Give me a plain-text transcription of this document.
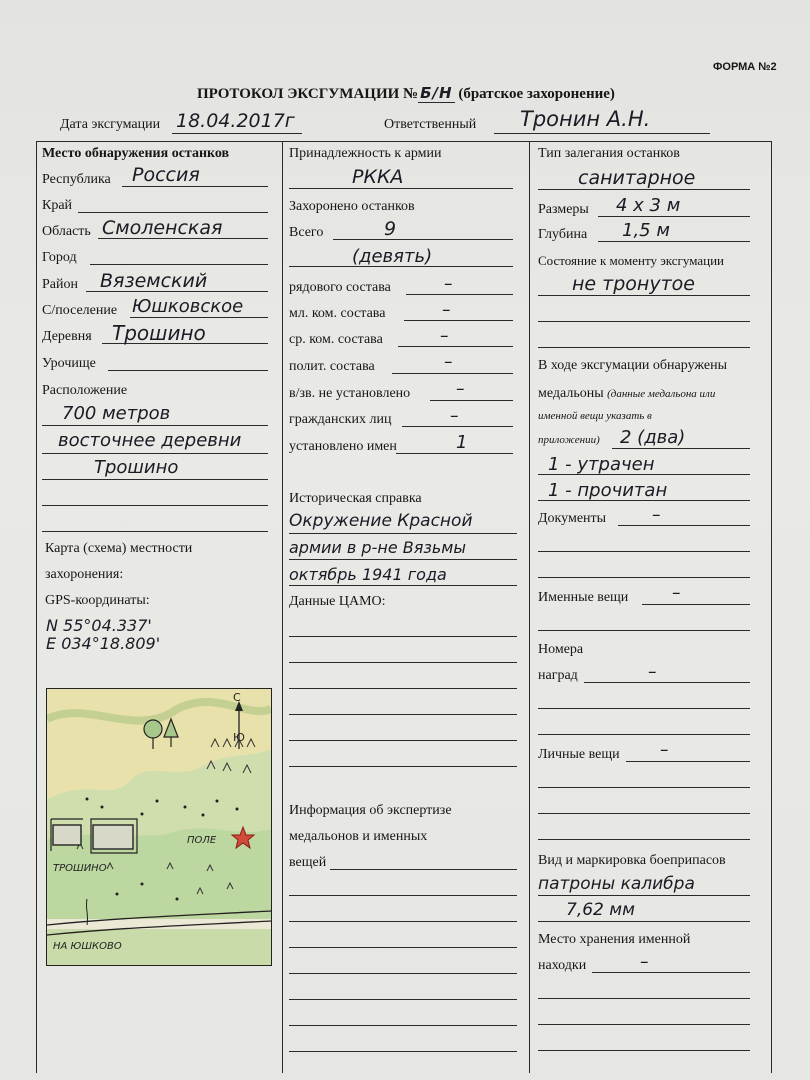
ФОРМА №2
ПРОТОКОЛ ЭКСГУМАЦИИ № Б/Н (братское захоронение)
Дата эксгумации 18.04.2017г	Ответственный Тронин А.Н.
Место обнаружения останков
Республика Россия
Край
Область Смоленская
Город
Район Вяземский
С/поселение Юшковское
Деревня Трошино
Урочище
Расположение
700 метров
восточнее деревни
Трошино
Карта (схема) местности
захоронения:
GPS-координаты:
N 55°04.337'
E 034°18.809'
С
Ю
ПОЛЕ
ТРОШИНО
НА ЮШКОВО
Принадлежность к армии
РККА
Захоронено останков
Всего	9
(девять)
рядового состава	–
мл. ком. состава	–
ср. ком. состава	–
полит. состава	–
в/зв. не установлено	–
гражданских лиц	–
установлено имен	1
Историческая справка
Окружение Красной
армии в р-не Вязьмы
октябрь 1941 года
Данные ЦАМО:
Информация об экспертизе
медальонов и именных
вещей
Тип залегания останков
санитарное
Размеры 4 х 3 м
Глубина 1,5 м
Состояние к моменту эксгумации
не тронутое
В ходе эксгумации обнаружены
медальоны (данные медальона или
именной вещи указать в
приложении) 2 (два)
1 - утрачен
1 - прочитан
Документы	–
Именные вещи	–
Номера
наград	–
Личные вещи –
Вид и маркировка боеприпасов
патроны калибра
7,62 мм
Место хранения именной
находки	–
